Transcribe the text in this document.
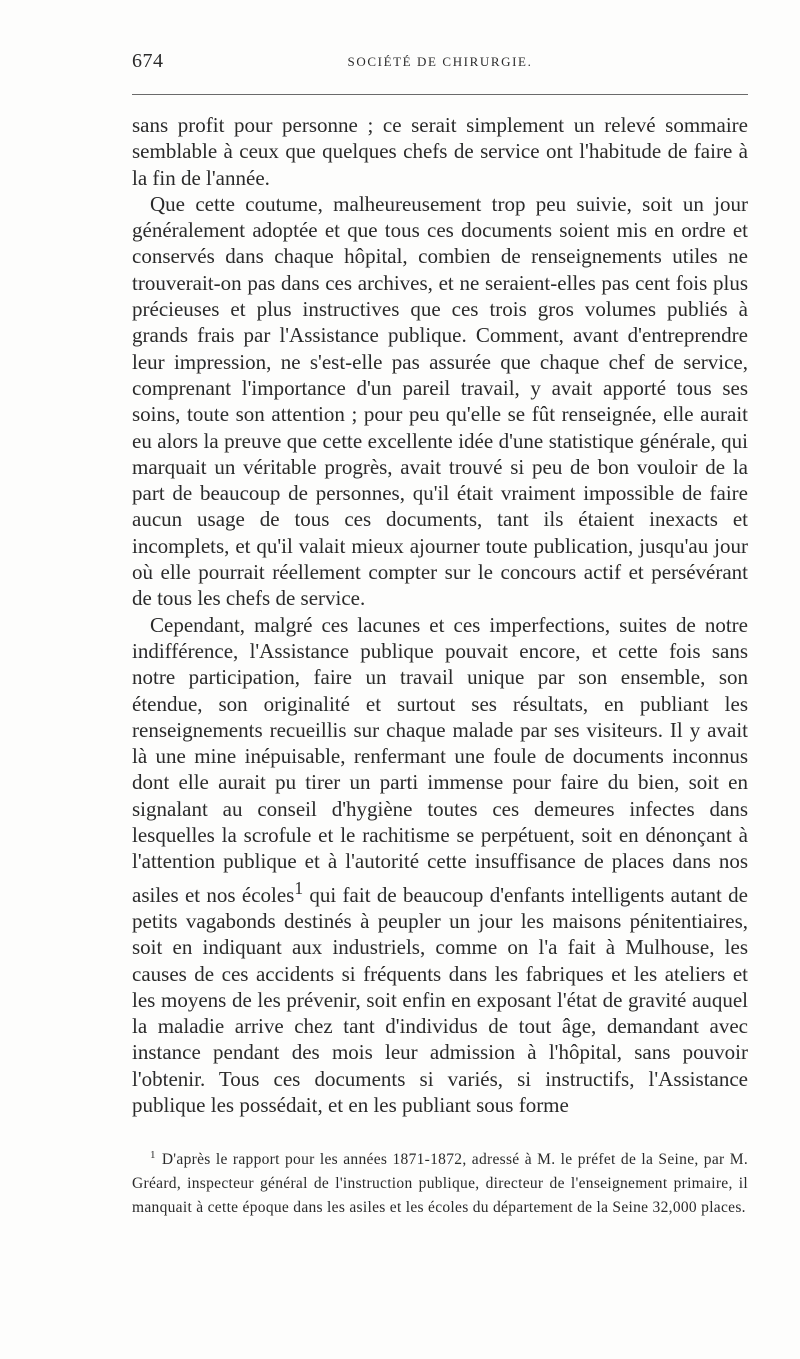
674	SOCIÉTÉ DE CHIRURGIE.

sans profit pour personne ; ce serait simplement un relevé sommaire semblable à ceux que quelques chefs de service ont l'habitude de faire à la fin de l'année.

Que cette coutume, malheureusement trop peu suivie, soit un jour généralement adoptée et que tous ces documents soient mis en ordre et conservés dans chaque hôpital, combien de renseignements utiles ne trouverait-on pas dans ces archives, et ne seraient-elles pas cent fois plus précieuses et plus instructives que ces trois gros volumes publiés à grands frais par l'Assistance publique. Comment, avant d'entreprendre leur impression, ne s'est-elle pas assurée que chaque chef de service, comprenant l'importance d'un pareil travail, y avait apporté tous ses soins, toute son attention ; pour peu qu'elle se fût renseignée, elle aurait eu alors la preuve que cette excellente idée d'une statistique générale, qui marquait un véritable progrès, avait trouvé si peu de bon vouloir de la part de beaucoup de personnes, qu'il était vraiment impossible de faire aucun usage de tous ces documents, tant ils étaient inexacts et incomplets, et qu'il valait mieux ajourner toute publication, jusqu'au jour où elle pourrait réellement compter sur le concours actif et persévérant de tous les chefs de service.

Cependant, malgré ces lacunes et ces imperfections, suites de notre indifférence, l'Assistance publique pouvait encore, et cette fois sans notre participation, faire un travail unique par son ensemble, son étendue, son originalité et surtout ses résultats, en publiant les renseignements recueillis sur chaque malade par ses visiteurs. Il y avait là une mine inépuisable, renfermant une foule de documents inconnus dont elle aurait pu tirer un parti immense pour faire du bien, soit en signalant au conseil d'hygiène toutes ces demeures infectes dans lesquelles la scrofule et le rachitisme se perpétuent, soit en dénonçant à l'attention publique et à l'autorité cette insuffisance de places dans nos asiles et nos écoles$^1$ qui fait de beaucoup d'enfants intelligents autant de petits vagabonds destinés à peupler un jour les maisons pénitentiaires, soit en indiquant aux industriels, comme on l'a fait à Mulhouse, les causes de ces accidents si fréquents dans les fabriques et les ateliers et les moyens de les prévenir, soit enfin en exposant l'état de gravité auquel la maladie arrive chez tant d'individus de tout âge, demandant avec instance pendant des mois leur admission à l'hôpital, sans pouvoir l'obtenir. Tous ces documents si variés, si instructifs, l'Assistance publique les possédait, et en les publiant sous forme

$^1$ D'après le rapport pour les années 1871-1872, adressé à M. le préfet de la Seine, par M. Gréard, inspecteur général de l'instruction publique, directeur de l'enseignement primaire, il manquait à cette époque dans les asiles et les écoles du département de la Seine 32,000 places.
